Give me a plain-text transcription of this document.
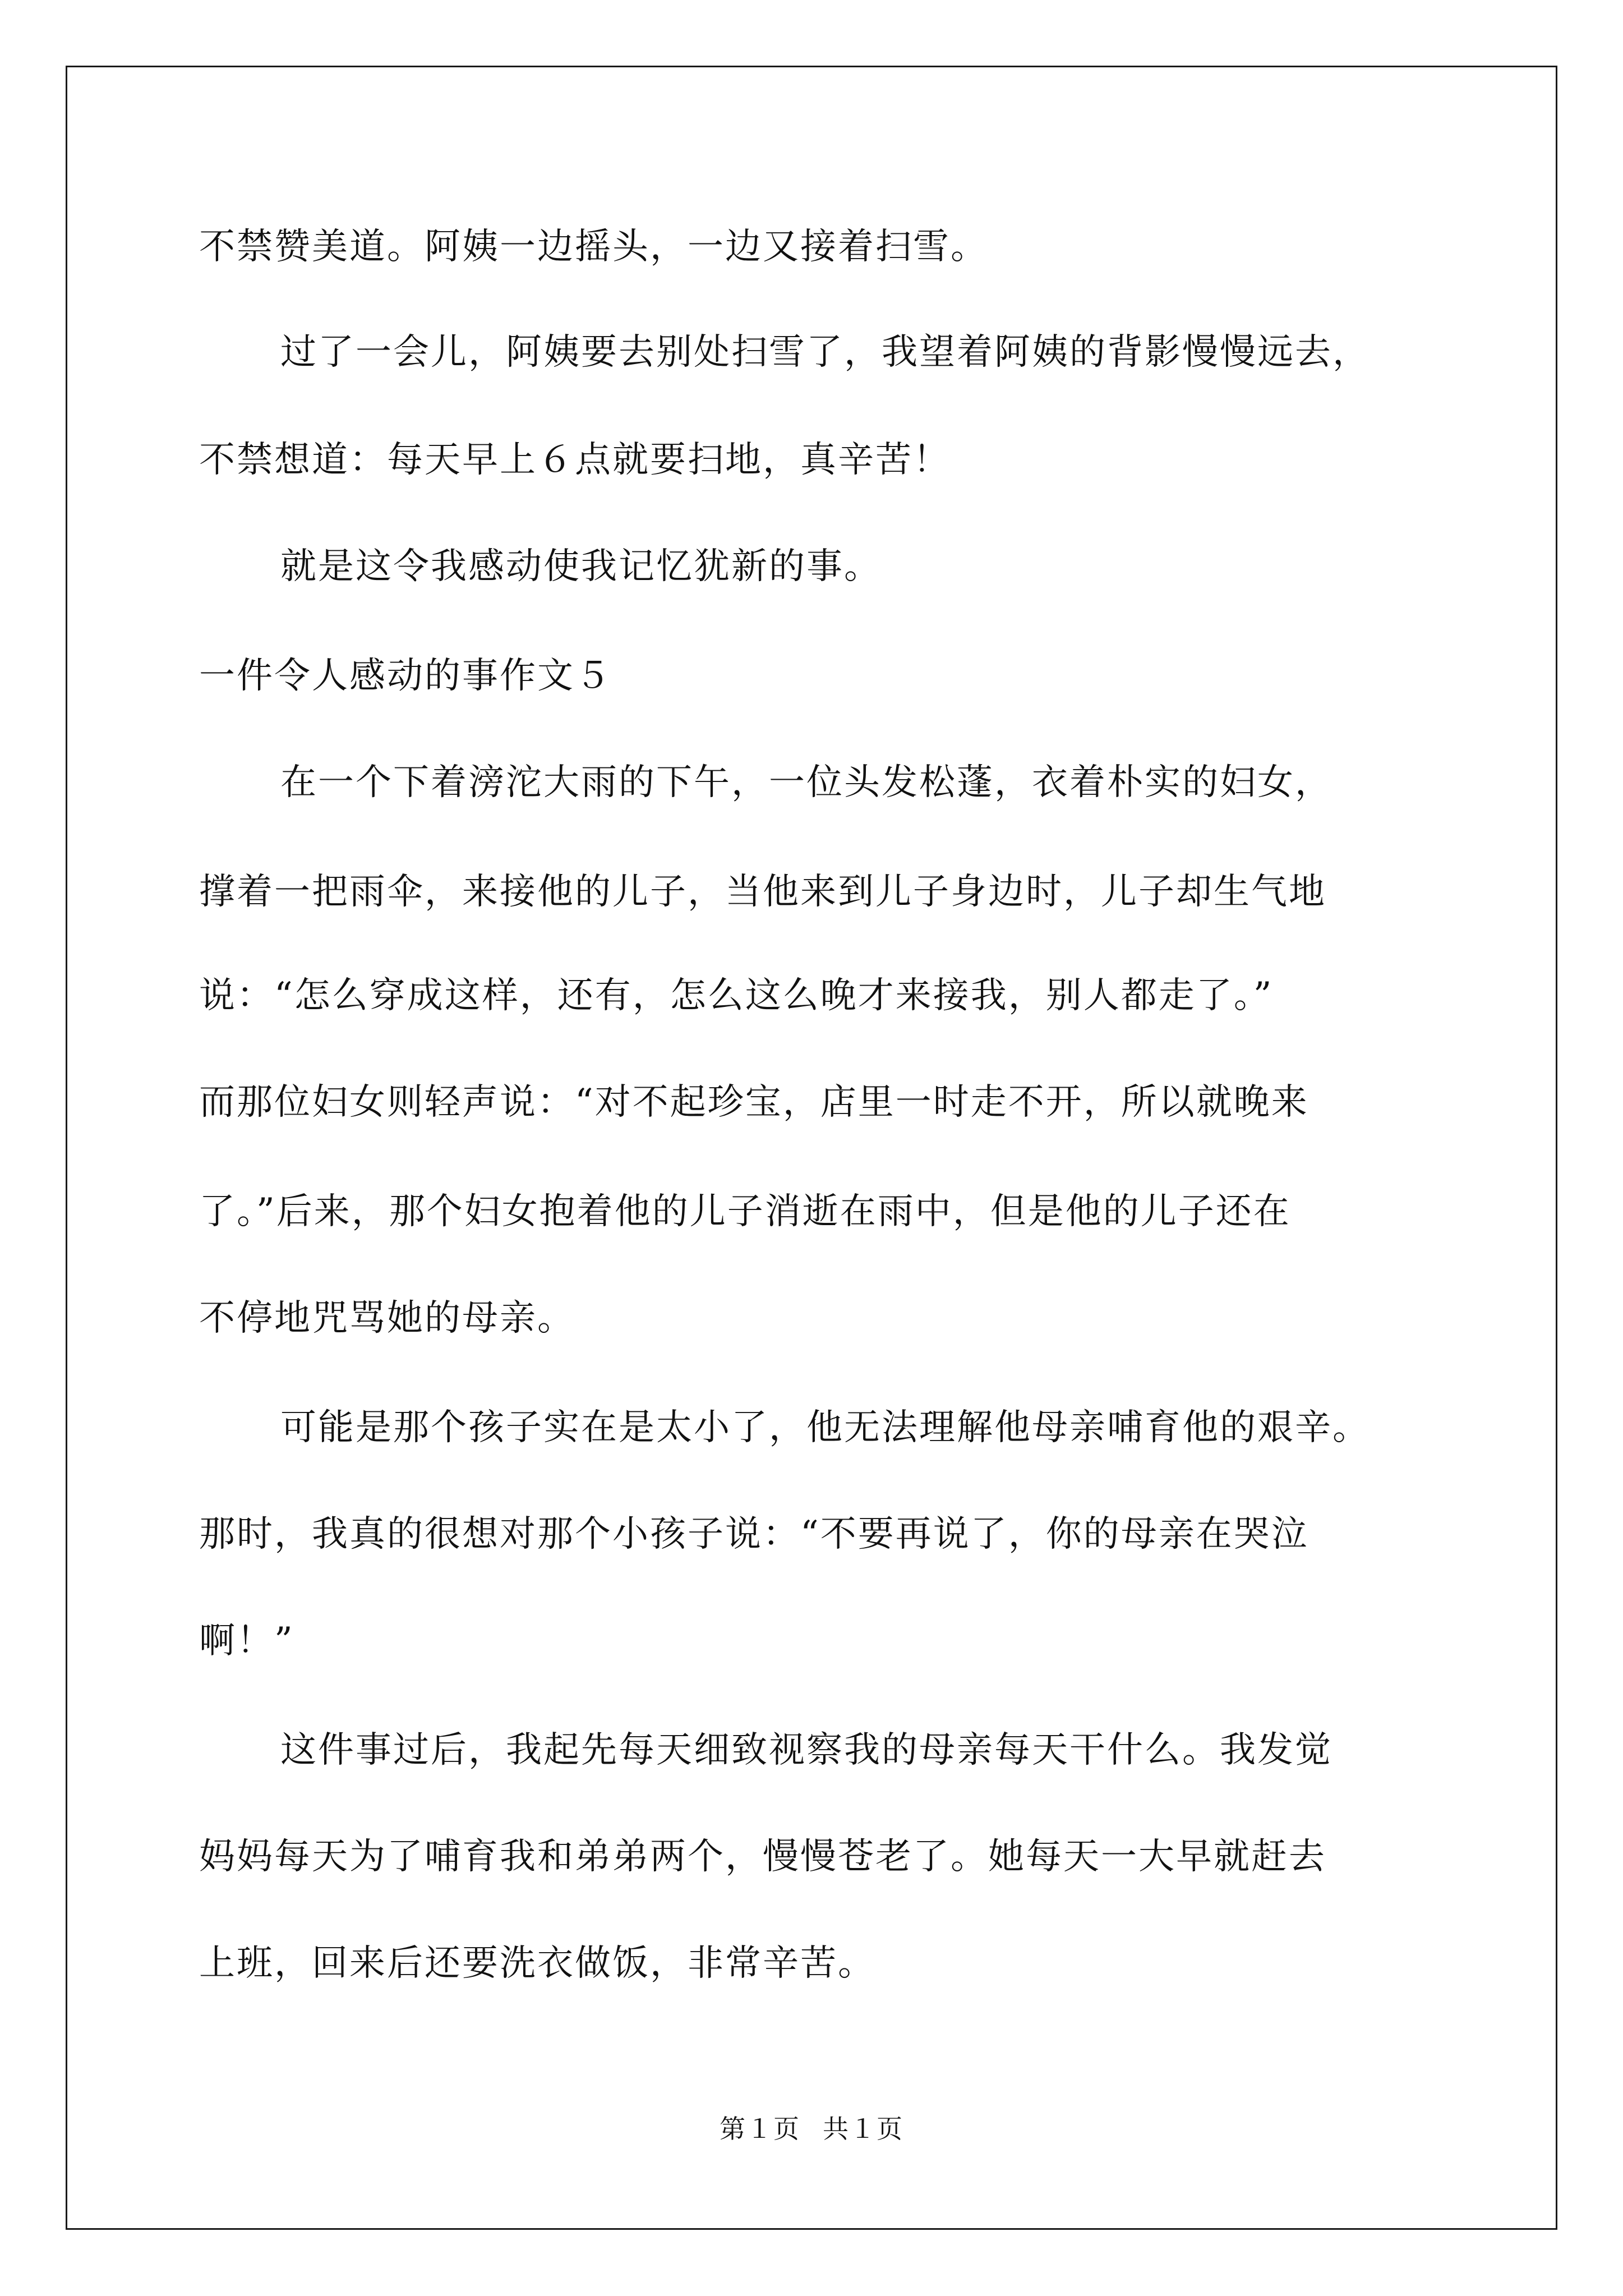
不禁赞美道。阿姨一边摇头，一边又接着扫雪。
过了一会儿，阿姨要去别处扫雪了，我望着阿姨的背影慢慢远去，
不禁想道：每天早上６点就要扫地，真辛苦！
就是这令我感动使我记忆犹新的事。
一件令人感动的事作文５
在一个下着滂沱大雨的下午，一位头发松蓬，衣着朴实的妇女，
撑着一把雨伞，来接他的儿子，当他来到儿子身边时，儿子却生气地
说：“怎么穿成这样，还有，怎么这么晚才来接我，别人都走了。”
而那位妇女则轻声说：“对不起珍宝，店里一时走不开，所以就晚来
了。”后来，那个妇女抱着他的儿子消逝在雨中，但是他的儿子还在
不停地咒骂她的母亲。
可能是那个孩子实在是太小了，他无法理解他母亲哺育他的艰辛。
那时，我真的很想对那个小孩子说：“不要再说了，你的母亲在哭泣
啊！”
这件事过后，我起先每天细致视察我的母亲每天干什么。我发觉
妈妈每天为了哺育我和弟弟两个，慢慢苍老了。她每天一大早就赶去
上班，回来后还要洗衣做饭，非常辛苦。
第１页 共１页
